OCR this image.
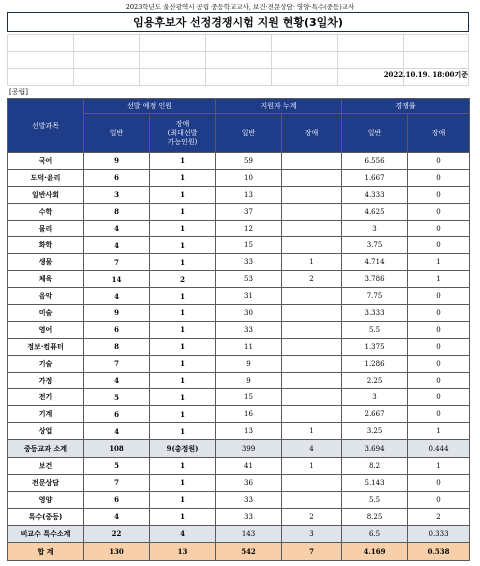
2023학년도 울산광역시 공립 중등학교교사, 보건·전문상담· 영양·특수(중등)교사
임용후보자 선정경쟁시험 지원 현황(3일차)
2022.10.19. 18:00기준
[공립]
선발과목	선발 예정 인원		지원자 누계		경쟁률	
	일반	장애
(최대선발
가능인원)	일반	장애	일반	장애
국어	9	1	59		6.556	0
도덕·윤리	6	1	10		1.667	0
일반사회	3	1	13		4.333	0
수학	8	1	37		4.625	0
물리	4	1	12		3	0
화학	4	1	15		3.75	0
생물	7	1	33	1	4.714	1
체육	14	2	53	2	3.786	1
음악	4	1	31		7.75	0
미술	9	1	30		3.333	0
영어	6	1	33		5.5	0
정보·컴퓨터	8	1	11		1.375	0
기술	7	1	9		1.286	0
가정	4	1	9		2.25	0
전기	5	1	15		3	0
기계	6	1	16		2.667	0
상업	4	1	13	1	3.25	1
중등교과 소계	108	9(총정원)	399	4	3.694	0.444
보건	5	1	41	1	8.2	1
전문상담	7	1	36		5.143	0
영양	6	1	33		5.5	0
특수(중등)	4	1	33	2	8.25	2
비교수 특수소계	22	4	143	3	6.5	0.333
합 계	130	13	542	7	4.169	0.538
